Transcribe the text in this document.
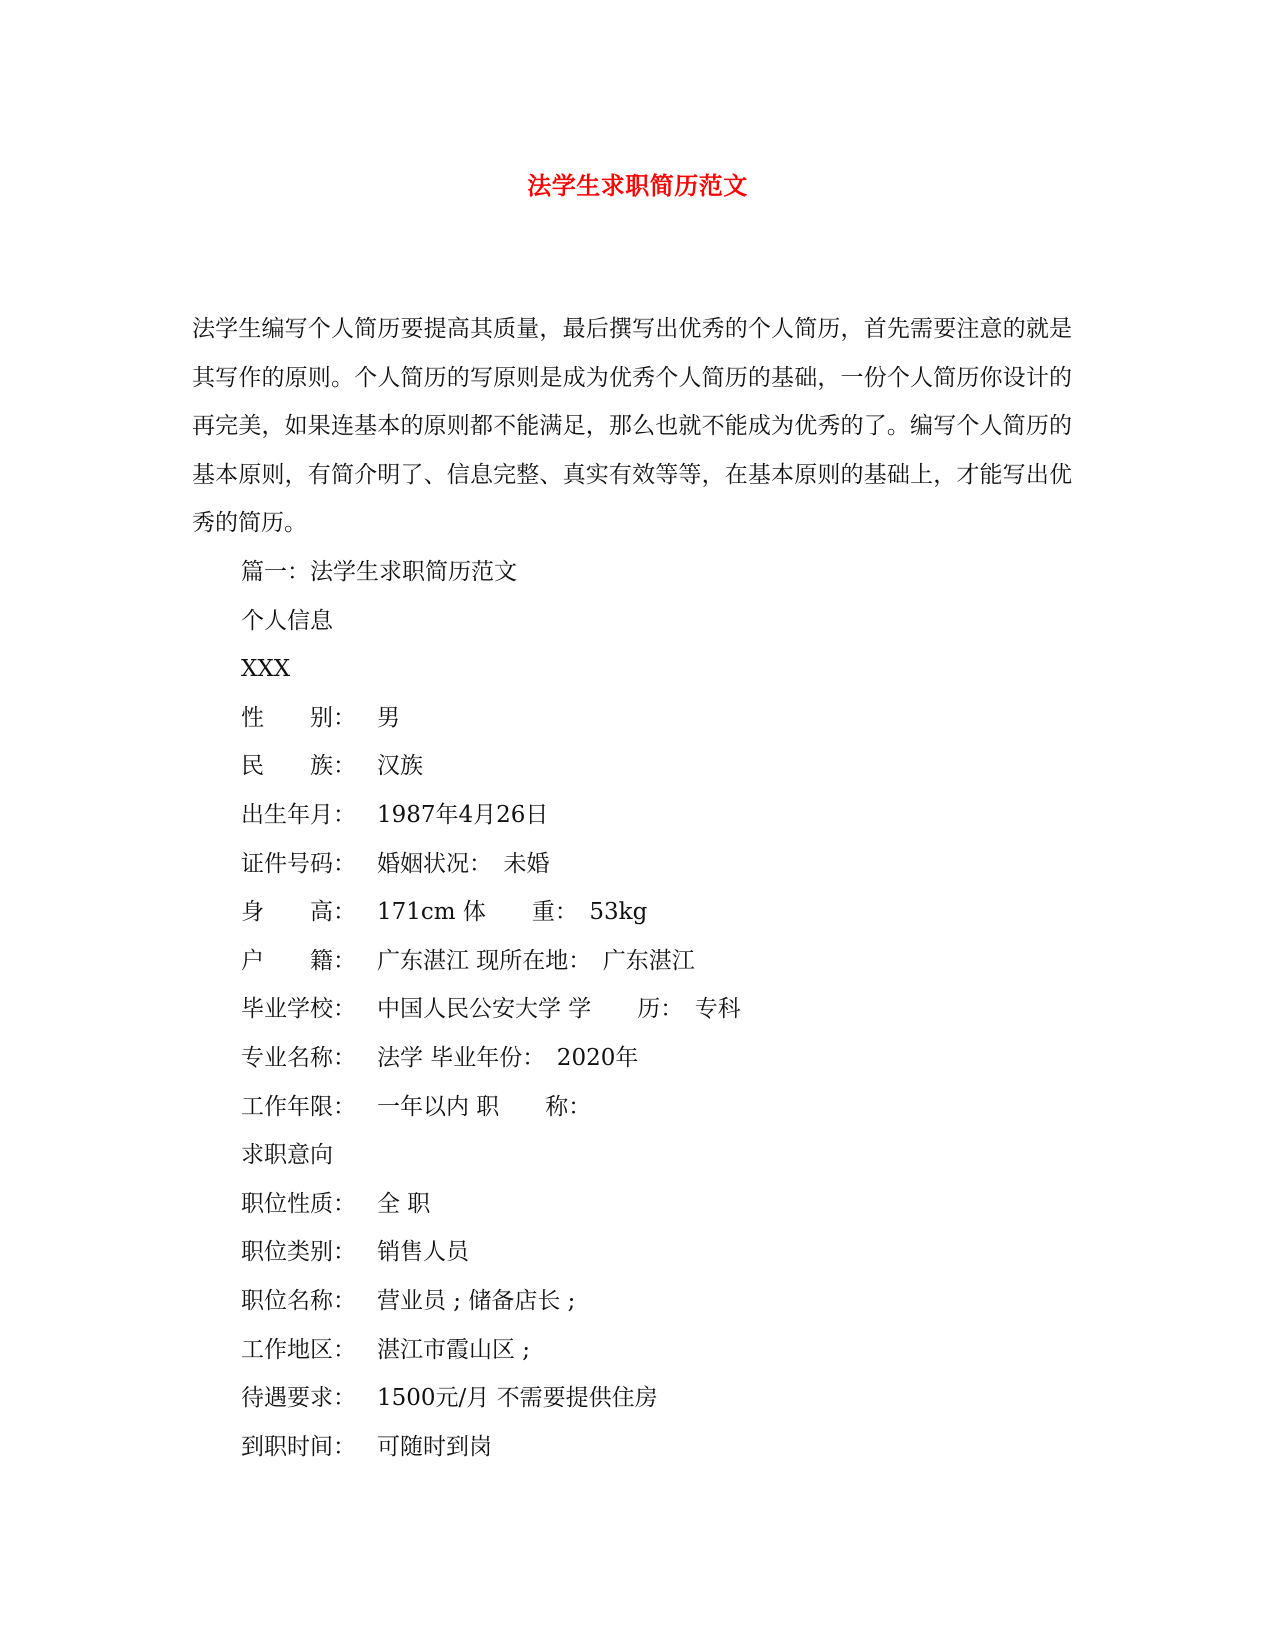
法学生求职简历范文

法学生编写个人简历要提高其质量，最后撰写出优秀的个人简历，首先需要注意的就是其写作的原则。个人简历的写原则是成为优秀个人简历的基础，一份个人简历你设计的再完美，如果连基本的原则都不能满足，那么也就不能成为优秀的了。编写个人简历的基本原则，有简介明了、信息完整、真实有效等等，在基本原则的基础上，才能写出优秀的简历。

篇一：法学生求职简历范文
个人信息
XXX
性　　别： 男
民　　族： 汉族
出生年月： 1987年4月26日
证件号码： 婚姻状况：　未婚
身　　高： 171cm 体　　重：　53kg
户　　籍： 广东湛江 现所在地：　广东湛江
毕业学校： 中国人民公安大学 学　　历：　专科
专业名称： 法学 毕业年份：　2020年
工作年限： 一年以内 职　　称：
求职意向
职位性质： 全 职
职位类别： 销售人员
职位名称： 营业员 ; 储备店长 ;
工作地区： 湛江市霞山区 ;
待遇要求： 1500元/月 不需要提供住房
到职时间： 可随时到岗
